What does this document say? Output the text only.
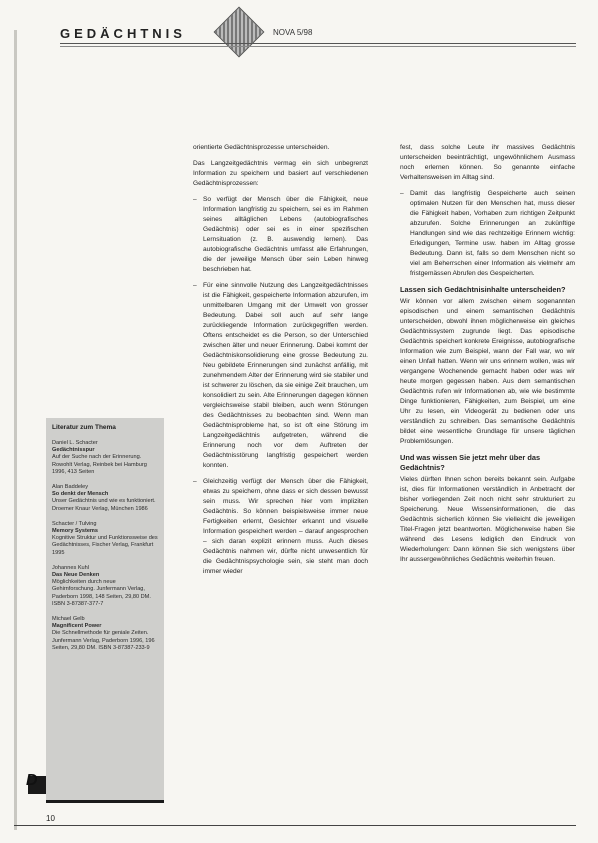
GEDÄCHTNIS	NOVA 5/98

orientierte Gedächtnisprozesse unterscheiden.

Das Langzeitgedächtnis vermag ein sich unbegrenzt Information zu speichern und basiert auf verschiedenen Gedächtnisprozessen:

– So verfügt der Mensch über die Fähigkeit, neue Information langfristig zu speichern, sei es im Rahmen seines alltäglichen Lebens (autobiografisches Gedächtnis) oder sei es in einer spezifischen Lernsituation (z. B. auswendig lernen). Das autobiografische Gedächtnis umfasst alle Erfahrungen, die der jeweilige Mensch über sein Leben hinweg beschrieben hat.
– Für eine sinnvolle Nutzung des Langzeitgedächtnisses ist die Fähigkeit, gespeicherte Information abzurufen, im unmittelbaren Umgang mit der Umwelt von grosser Bedeutung. Dabei soll auch auf sehr lange zurückliegende Information zurückgegriffen werden. Oftens entscheidet es die Person, so der Unterschied zwischen älter und neuer Erinnerung. Dabei kommt der Gedächtniskonsolidierung eine grosse Bedeutung zu. Neu gebildete Erinnerungen sind zunächst anfällig, mit zunehmendem Alter der Erinnerung wird sie stabiler und ist schwerer zu löschen, da sie einige Zeit brauchen, um konsolidiert zu sein. Alte Erinnerungen dagegen können vergleichsweise stabil bleiben, auch wenn Störungen des Gedächtnisses zu beobachten sind. Wenn man Gedächtnisprobleme hat, so ist oft eine Störung im Langzeitgedächtnis aufgetreten, während die Erinnerung noch vor dem Auftreten der Gedächtnisstörung langfristig gespeichert werden konnten.
– Gleichzeitig verfügt der Mensch über die Fähigkeit, etwas zu speichern, ohne dass er sich dessen bewusst sein muss. Wir sprechen hier vom impliziten Gedächtnis. So können beispielsweise immer neue Fertigkeiten erlernt, Gesichter erkannt und visuelle Information gespeichert werden – darauf angesprochen – sich daran explizit erinnern muss. Auch dieses Gedächtnis nahmen wir, dürfte nicht unwesentlich für die Gedächtnispsychologie sein, sie steht man doch immer wieder

fest, dass solche Leute ihr massives Gedächtnis unterscheiden beeinträchtigt, ungewöhnlichem Ausmass noch erlernen können. So genannte einfache Verhaltensweisen im Alltag sind.

– Damit das langfristig Gespeicherte auch seinen optimalen Nutzen für den Menschen hat, muss dieser die Fähigkeit haben, Vorhaben zum richtigen Zeitpunkt abzurufen. Solche Erinnerungen an zukünftige Handlungen sind wie das rechtzeitige Erinnern wichtig: Erledigungen, Termine usw. haben im Alltag grosse Bedeutung. Dann ist, falls so dem Menschen nicht so viel am Beherrschen einer Information als vielmehr am fristgemässen Abrufen des Gespeicherten.
Lassen sich Gedächtnisinhalte unterscheiden?

Wir können vor allem zwischen einem sogenannten episodischen und einem semantischen Gedächtnis unterscheiden, obwohl ihnen möglicherweise ein gleiches Gedächtnissystem zugrunde liegt. Das episodische Gedächtnis speichert konkrete Ereignisse, autobiografische Information wie zum Beispiel, wann der Fall war, wo wir einen Unfall hatten. Wenn wir uns erinnern wollen, was wir vergangene Wochenende gemacht haben oder was wir heute morgen gegessen haben. Aus dem semantischen Gedächtnis rufen wir Informationen ab, wie wie bestimmte Dinge funktionieren, Fähigkeiten, zum Beispiel, um eine Uhr zu lesen, ein Videogerät zu bedienen oder uns verständlich zu schreiben. Das semantische Gedächtnis bildet eine wesentliche Grundlage für unsere täglichen Problemlösungen.

Und was wissen Sie jetzt mehr über das Gedächtnis?

Vieles dürften Ihnen schon bereits bekannt sein. Aufgabe ist, dies für Informationen verständlich in Anbetracht der bisher vorliegenden Zeit noch nicht sehr strukturiert zu Speicherung. Neue Wissensinformationen, die das Gedächtnis sicherlich können Sie vielleicht die jeweiligen Titel-Fragen jetzt beantworten. Möglicherweise haben Sie während des Lesens lediglich den Eindruck von Wiederholungen: Dann können Sie sich wenigstens über Ihr aussergewöhnliches Gedächtnis weiterhin freuen.

Literatur zum Thema
Daniel L. Schacter
Gedächtnisspur
Auf der Suche nach der Erinnerung. Rowohlt Verlag, Reinbek bei Hamburg 1996, 413 Seiten
Alan Baddeley
So denkt der Mensch
Unser Gedächtnis und wie es funktioniert. Droemer Knaur Verlag, München 1986
Schacter / Tulving
Memory Systems
Kognitive Struktur und Funktionsweise des Gedächtnisses, Fischer Verlag, Frankfurt 1995
Johannes Kuhl
Das Neue Denken
Möglichkeiten durch neue Gehirnforschung. Junfermann Verlag, Paderborn 1998, 148 Seiten, 29,80 DM. ISBN 3-87387-377-7
Michael Gelb
Magnificent Power
Die Schnellmethode für geniale Zeiten. Junfermann Verlag, Paderborn 1996, 196 Seiten, 29,80 DM. ISBN 3-87387-233-9
D
10
